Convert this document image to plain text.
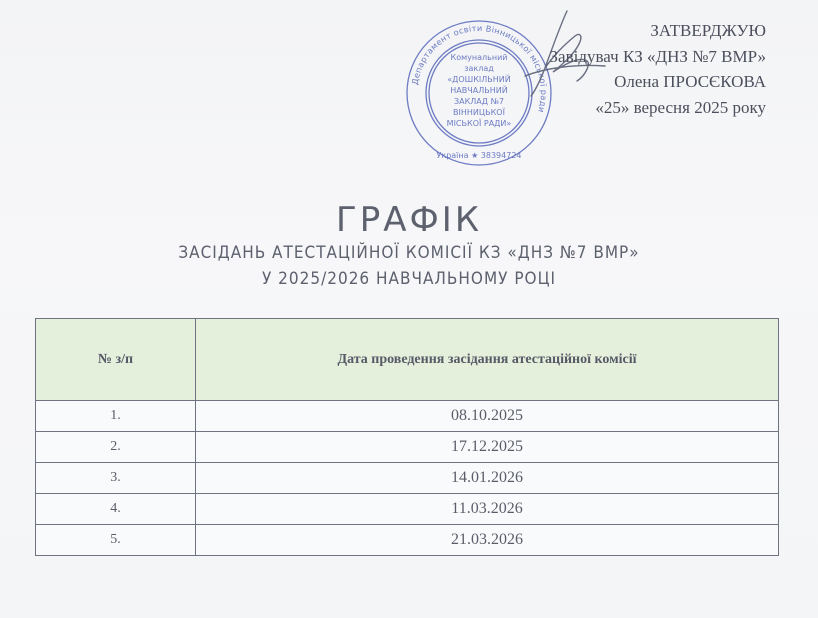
Департамент освіти Вінницької міської ради
Україна ★ 38394724
Комунальний
заклад
«ДОШКІЛЬНИЙ
НАВЧАЛЬНИЙ
ЗАКЛАД №7
ВІННИЦЬКОЇ
МІСЬКОЇ РАДИ»
ЗАТВЕРДЖУЮ
Завідувач КЗ «ДНЗ №7 ВМР»
Олена ПРОСЄКОВА
«25» вересня 2025 року
ГРАФІК
ЗАСІДАНЬ АТЕСТАЦІЙНОЇ КОМІСІЇ КЗ «ДНЗ №7 ВМР»
У 2025/2026 НАВЧАЛЬНОМУ РОЦІ
№ з/п	Дата проведення засідання атестаційної комісії
1.	08.10.2025
2.	17.12.2025
3.	14.01.2026
4.	11.03.2026
5.	21.03.2026
